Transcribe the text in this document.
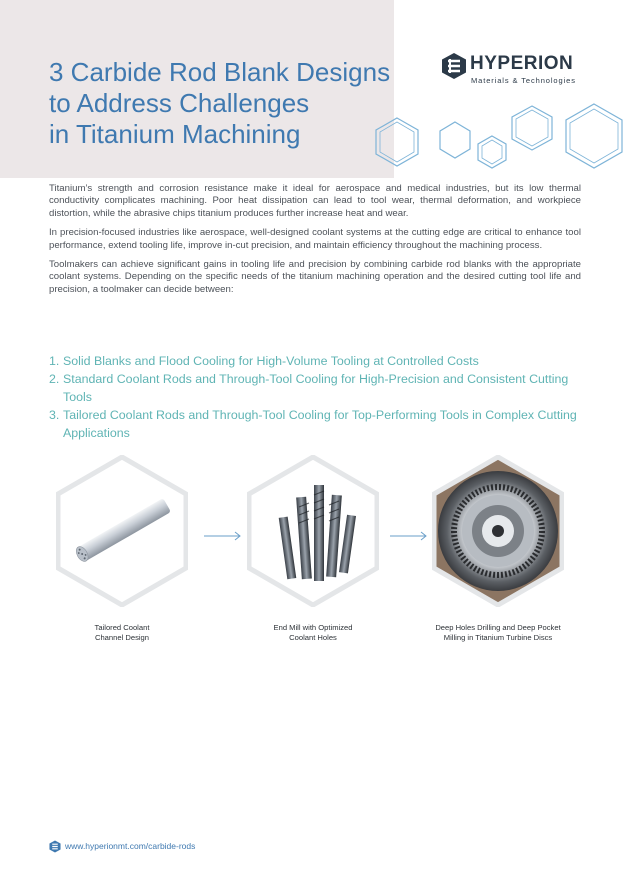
3 Carbide Rod Blank Designs
to Address Challenges
in Titanium Machining
HYPERION
Materials & Technologies

Titanium’s strength and corrosion resistance make it ideal for aerospace and medical industries, but its low thermal conductivity complicates machining. Poor heat dissipation can lead to tool wear, thermal deformation, and workpiece distortion, while the abrasive chips titanium produces further increase heat and wear.

In precision-focused industries like aerospace, well-designed coolant systems at the cutting edge are critical to enhance tool performance, extend tooling life, improve in-cut precision, and maintain efficiency throughout the machining process.

Toolmakers can achieve significant gains in tooling life and precision by combining carbide rod blanks with the appropriate coolant systems. Depending on the specific needs of the titanium machining operation and the desired cutting tool life and precision, a toolmaker can decide between:

1. Solid Blanks and Flood Cooling for High-Volume Tooling at Controlled Costs
2. Standard Coolant Rods and Through-Tool Cooling for High-Precision and Consistent Cutting Tools
3. Tailored Coolant Rods and Through-Tool Cooling for Top-Performing Tools in Complex Cutting Applications
Tailored Coolant
Channel Design
End Mill with Optimized
Coolant Holes
Deep Holes Drilling and Deep Pocket
Milling in Titanium Turbine Discs
www.hyperionmt.com/carbide-rods
